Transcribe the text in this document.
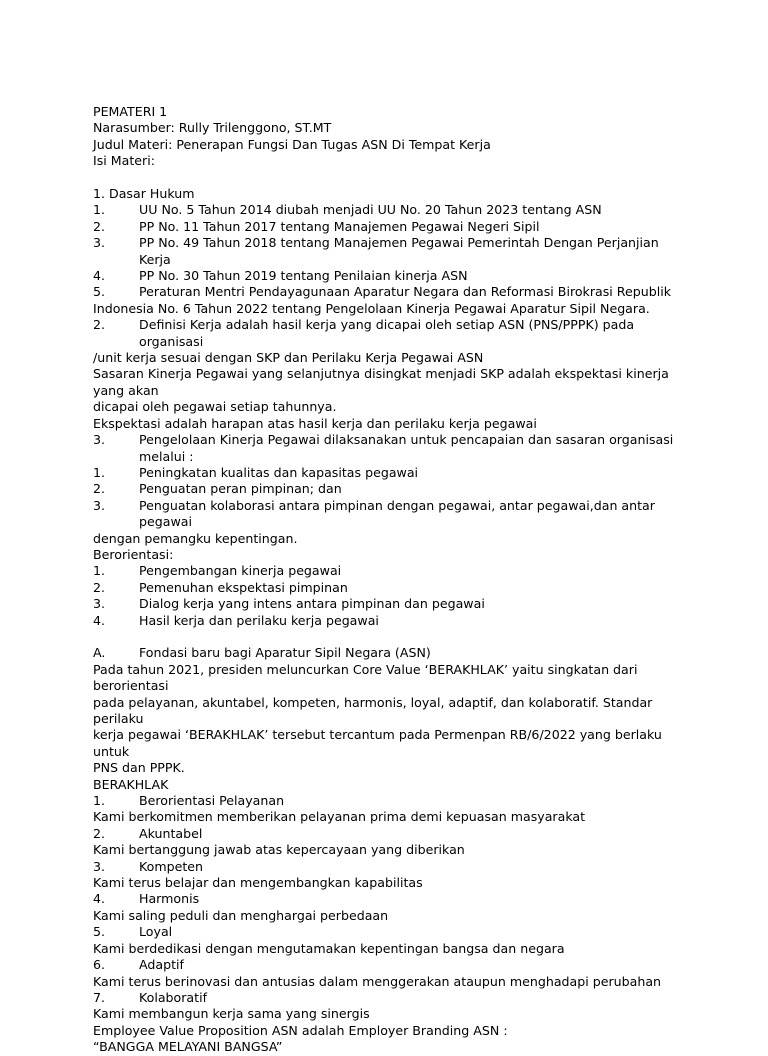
PEMATERI 1
Narasumber: Rully Trilenggono, ST.MT
Judul Materi: Penerapan Fungsi Dan Tugas ASN Di Tempat Kerja
Isi Materi:
1. Dasar Hukum
1.	UU No. 5 Tahun 2014 diubah menjadi UU No. 20 Tahun 2023 tentang ASN
2.	PP No. 11 Tahun 2017 tentang Manajemen Pegawai Negeri Sipil
3.	PP No. 49 Tahun 2018 tentang Manajemen Pegawai Pemerintah Dengan Perjanjian Kerja
4.	PP No. 30 Tahun 2019 tentang Penilaian kinerja ASN
5.	Peraturan Mentri Pendayagunaan Aparatur Negara dan Reformasi Birokrasi Republik
Indonesia No. 6 Tahun 2022 tentang Pengelolaan Kinerja Pegawai Aparatur Sipil Negara.
2.	Definisi Kerja adalah hasil kerja yang dicapai oleh setiap ASN (PNS/PPPK) pada organisasi
/unit kerja sesuai dengan SKP dan Perilaku Kerja Pegawai ASN
Sasaran Kinerja Pegawai yang selanjutnya disingkat menjadi SKP adalah ekspektasi kinerja yang akan
dicapai oleh pegawai setiap tahunnya.
Ekspektasi adalah harapan atas hasil kerja dan perilaku kerja pegawai
3.	Pengelolaan Kinerja Pegawai dilaksanakan untuk pencapaian dan sasaran organisasi melalui :
1.	Peningkatan kualitas dan kapasitas pegawai
2.	Penguatan peran pimpinan; dan
3.	Penguatan kolaborasi antara pimpinan dengan pegawai, antar pegawai,dan antar pegawai
dengan pemangku kepentingan.
Berorientasi:
1.	Pengembangan kinerja pegawai
2.	Pemenuhan ekspektasi pimpinan
3.	Dialog kerja yang intens antara pimpinan dan pegawai
4.	Hasil kerja dan perilaku kerja pegawai
A.	Fondasi baru bagi Aparatur Sipil Negara (ASN)
Pada tahun 2021, presiden meluncurkan Core Value ‘BERAKHLAK’ yaitu singkatan dari berorientasi
pada pelayanan, akuntabel, kompeten, harmonis, loyal, adaptif, dan kolaboratif. Standar perilaku
kerja pegawai ‘BERAKHLAK’ tersebut tercantum pada Permenpan RB/6/2022 yang berlaku untuk
PNS dan PPPK.
BERAKHLAK
1.	Berorientasi Pelayanan
Kami berkomitmen memberikan pelayanan prima demi kepuasan masyarakat
2.	Akuntabel
Kami bertanggung jawab atas kepercayaan yang diberikan
3.	Kompeten
Kami terus belajar dan mengembangkan kapabilitas
4.	Harmonis
Kami saling peduli dan menghargai perbedaan
5.	Loyal
Kami berdedikasi dengan mengutamakan kepentingan bangsa dan negara
6.	Adaptif
Kami terus berinovasi dan antusias dalam menggerakan ataupun menghadapi perubahan
7.	Kolaboratif
Kami membangun kerja sama yang sinergis
Employee Value Proposition ASN adalah Employer Branding ASN :
“BANGGA MELAYANI BANGSA”
